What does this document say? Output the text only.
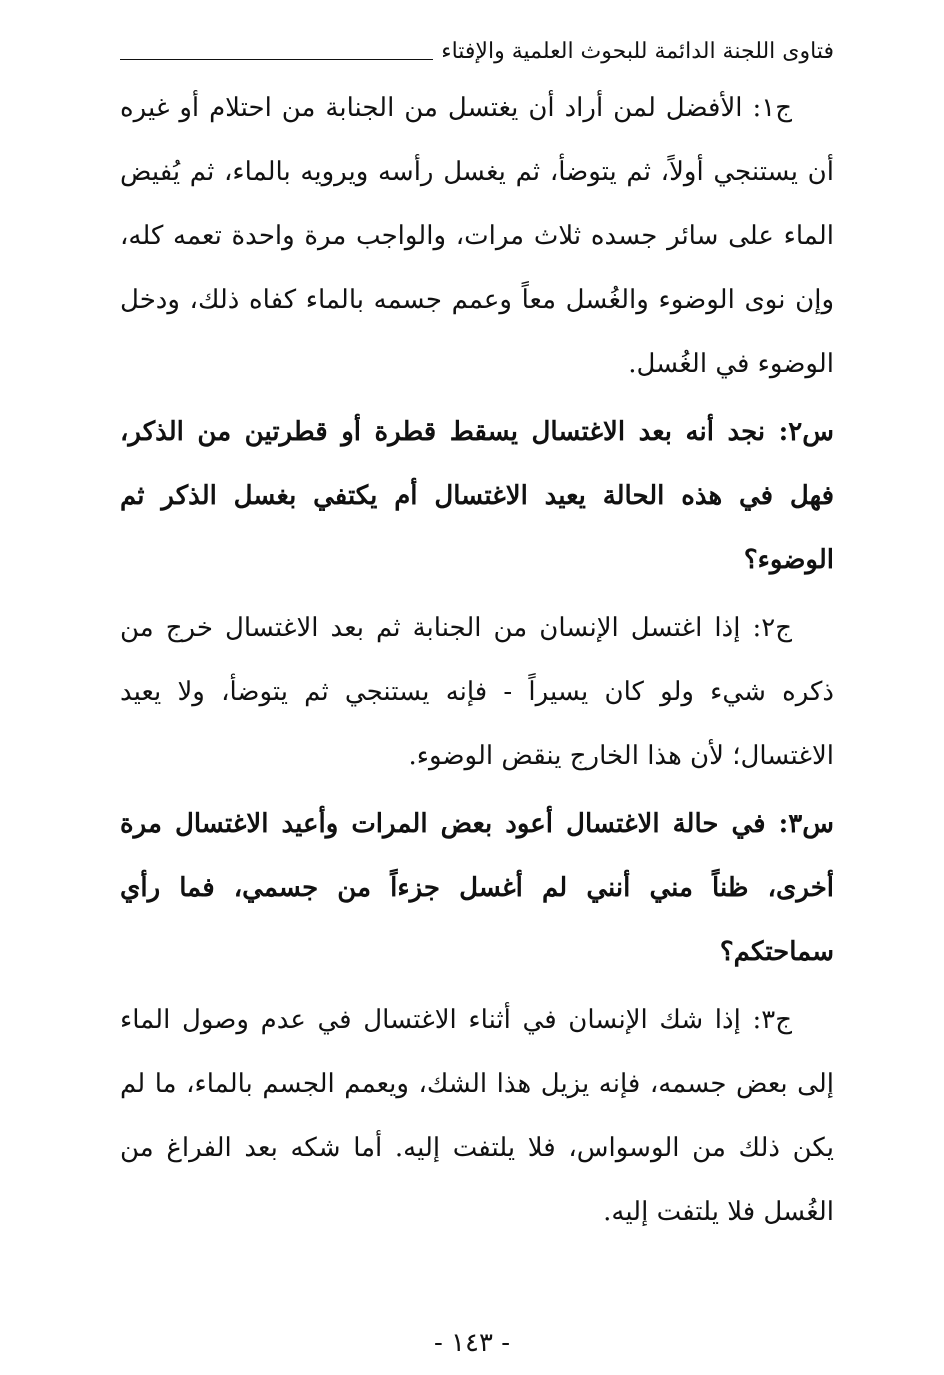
فتاوى اللجنة الدائمة للبحوث العلمية والإفتاء

ج١: الأفضل لمن أراد أن يغتسل من الجنابة من احتلام أو غيره أن يستنجي أولاً، ثم يتوضأ، ثم يغسل رأسه ويرويه بالماء، ثم يُفيض الماء على سائر جسده ثلاث مرات، والواجب مرة واحدة تعمه كله، وإن نوى الوضوء والغُسل معاً وعمم جسمه بالماء كفاه ذلك، ودخل الوضوء في الغُسل.

س٢: نجد أنه بعد الاغتسال يسقط قطرة أو قطرتين من الذكر، فهل في هذه الحالة يعيد الاغتسال أم يكتفي بغسل الذكر ثم الوضوء؟

ج٢: إذا اغتسل الإنسان من الجنابة ثم بعد الاغتسال خرج من ذكره شيء ولو كان يسيراً - فإنه يستنجي ثم يتوضأ، ولا يعيد الاغتسال؛ لأن هذا الخارج ينقض الوضوء.

س٣: في حالة الاغتسال أعود بعض المرات وأعيد الاغتسال مرة أخرى، ظناً مني أنني لم أغسل جزءاً من جسمي، فما رأي سماحتكم؟

ج٣: إذا شك الإنسان في أثناء الاغتسال في عدم وصول الماء إلى بعض جسمه، فإنه يزيل هذا الشك، ويعمم الجسم بالماء، ما لم يكن ذلك من الوسواس، فلا يلتفت إليه. أما شكه بعد الفراغ من الغُسل فلا يلتفت إليه.

- ١٤٣ -
